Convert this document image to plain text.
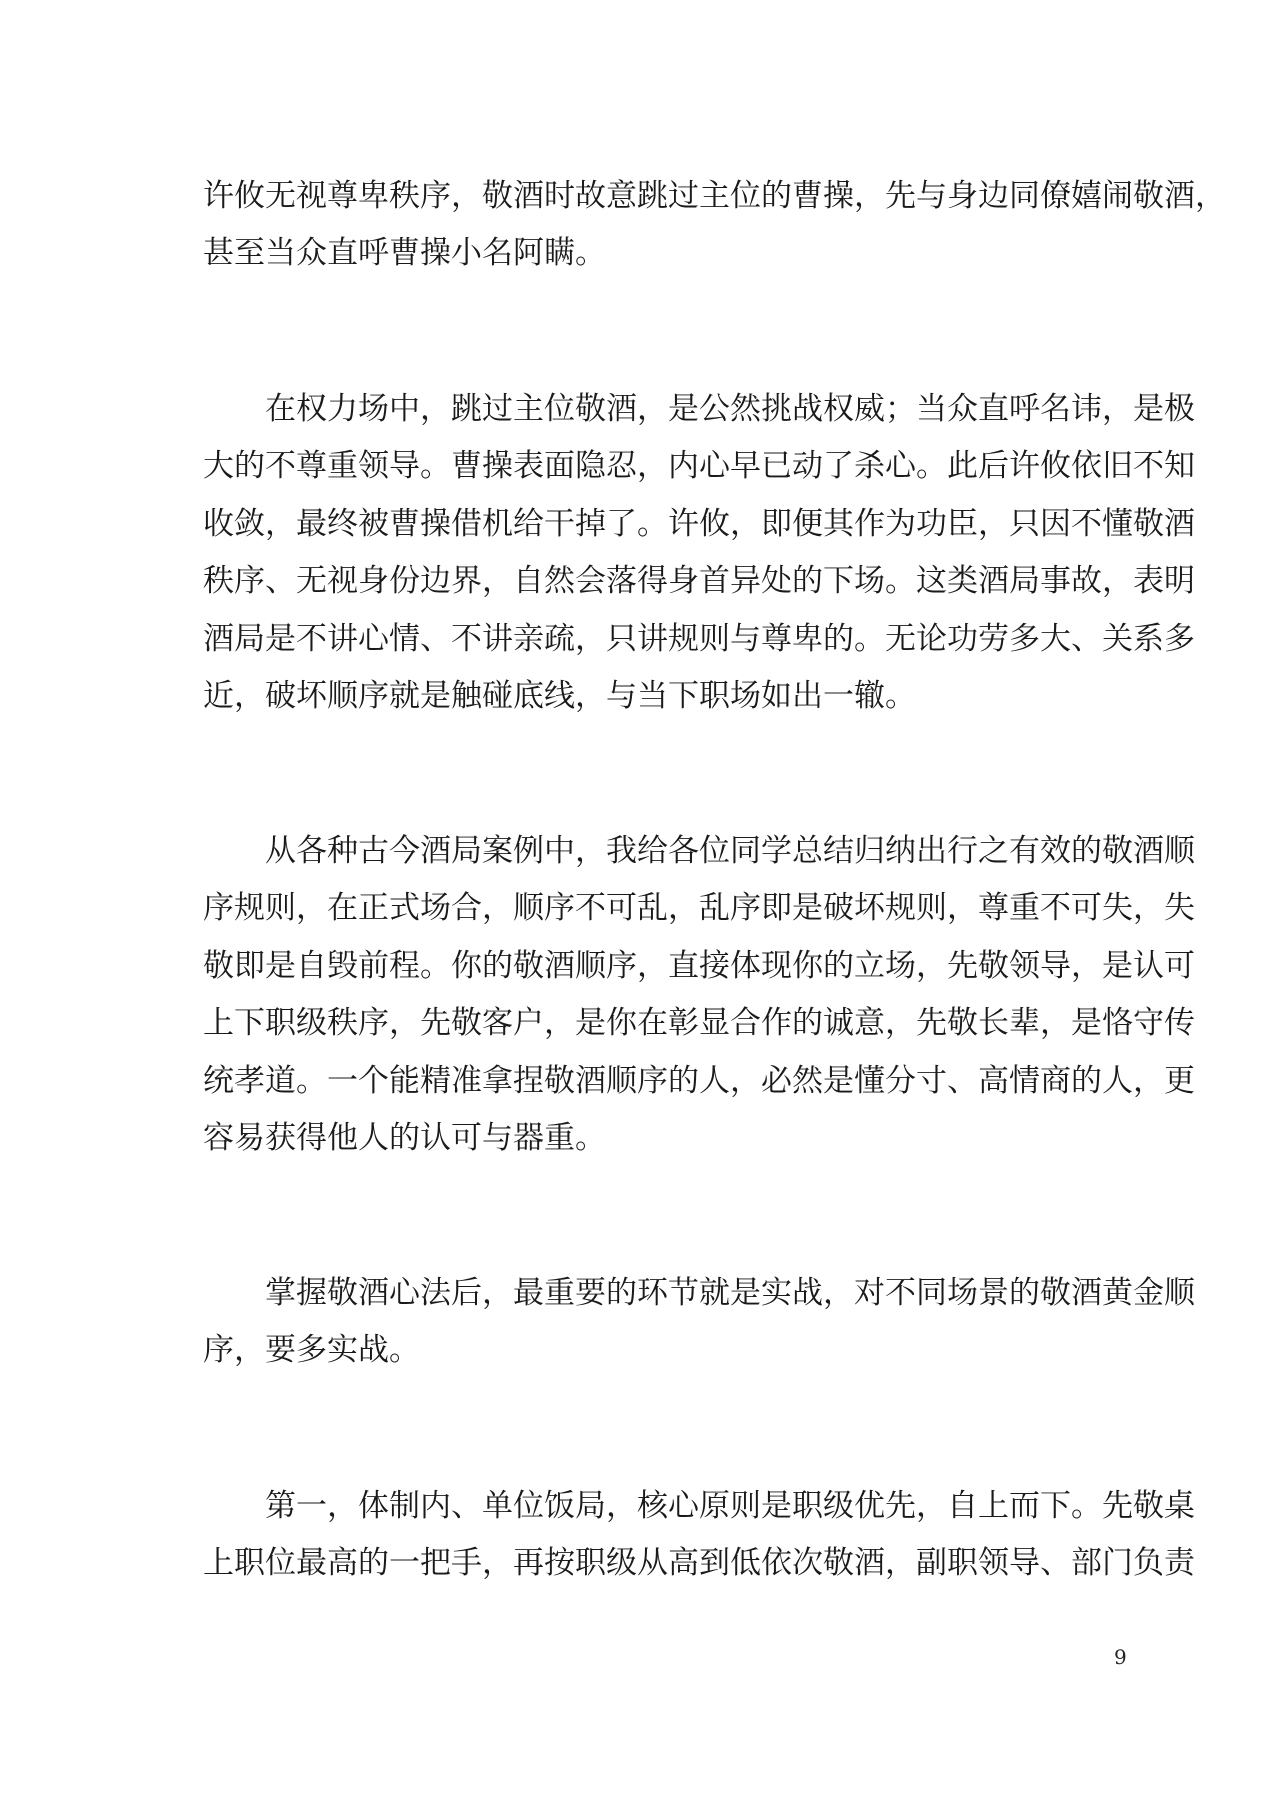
许攸无视尊卑秩序，敬酒时故意跳过主位的曹操，先与身边同僚嬉闹敬酒，
甚至当众直呼曹操小名阿瞒。

在权力场中，跳过主位敬酒，是公然挑战权威；当众直呼名讳，是极
大的不尊重领导。曹操表面隐忍，内心早已动了杀心。此后许攸依旧不知
收敛，最终被曹操借机给干掉了。许攸，即便其作为功臣，只因不懂敬酒
秩序、无视身份边界，自然会落得身首异处的下场。这类酒局事故，表明
酒局是不讲心情、不讲亲疏，只讲规则与尊卑的。无论功劳多大、关系多
近，破坏顺序就是触碰底线，与当下职场如出一辙。

从各种古今酒局案例中，我给各位同学总结归纳出行之有效的敬酒顺
序规则，在正式场合，顺序不可乱，乱序即是破坏规则，尊重不可失，失
敬即是自毁前程。你的敬酒顺序，直接体现你的立场，先敬领导，是认可
上下职级秩序，先敬客户，是你在彰显合作的诚意，先敬长辈，是恪守传
统孝道。一个能精准拿捏敬酒顺序的人，必然是懂分寸、高情商的人，更
容易获得他人的认可与器重。

掌握敬酒心法后，最重要的环节就是实战，对不同场景的敬酒黄金顺
序，要多实战。

第一，体制内、单位饭局，核心原则是职级优先，自上而下。先敬桌
上职位最高的一把手，再按职级从高到低依次敬酒，副职领导、部门负责

9
